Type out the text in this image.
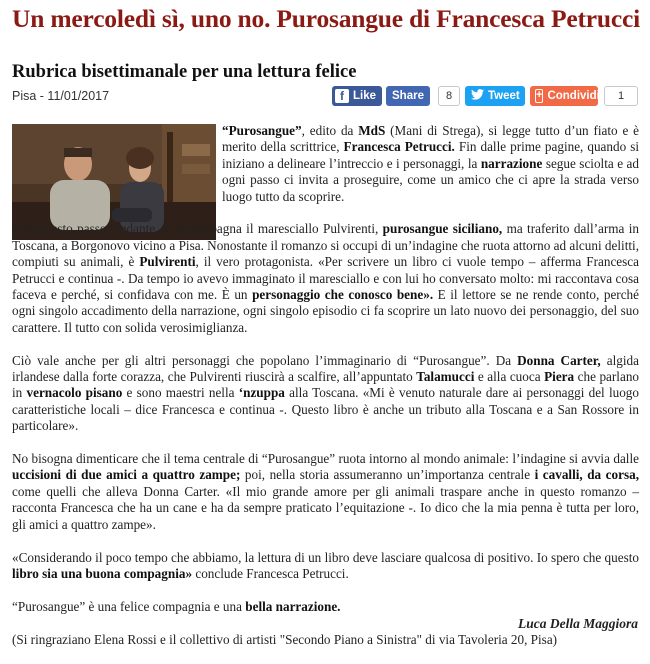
Un mercoledì sì, uno no. Purosangue di Francesca Petrucci
Rubrica bisettimanale per una lettura felice
Pisa - 11/01/2017	f Like Share	8	Tweet + Condividi	1

“Purosangue”, edito da MdS (Mani di Strega), si legge tutto d’un fiato e è merito della scrittrice, Francesca Petrucci. Fin dalle prime pagine, quando si iniziano a delineare l’intreccio e i personaggi, la narrazione segue sciolta e ad ogni passo ci invita a proseguire, come un amico che ci apre la strada verso luogo tutto da scoprire.

Con questo passo, andante, si accompagna il maresciallo Pulvirenti, purosangue siciliano, ma traferito dall’arma in Toscana, a Borgonovo vicino a Pisa. Nonostante il romanzo si occupi di un’indagine che ruota attorno ad alcuni delitti, compiuti su animali, è Pulvirenti, il vero protagonista. «Per scrivere un libro ci vuole tempo – afferma Francesca Petrucci e continua -. Da tempo io avevo immaginato il maresciallo e con lui ho conversato molto: mi raccontava cosa faceva e perché, si confidava con me. È un personaggio che conosco bene». E il lettore se ne rende conto, perché ogni singolo accadimento della narrazione, ogni singolo episodio ci fa scoprire un lato nuovo dei personaggio, del suo carattere. Il tutto con solida verosimiglianza.

Ciò vale anche per gli altri personaggi che popolano l’immaginario di “Purosangue”. Da Donna Carter, algida irlandese dalla forte corazza, che Pulvirenti riuscirà a scalfire, all’appuntato Talamucci e alla cuoca Piera che parlano in vernacolo pisano e sono maestri nella ‘nzuppa alla Toscana. «Mi è venuto naturale dare ai personaggi del luogo caratteristiche locali – dice Francesca e continua -. Questo libro è anche un tributo alla Toscana e a San Rossore in particolare».

No bisogna dimenticare che il tema centrale di “Purosangue” ruota intorno al mondo animale: l’indagine si avvia dalle uccisioni di due amici a quattro zampe; poi, nella storia assumeranno un’importanza centrale i cavalli, da corsa, come quelli che alleva Donna Carter. «Il mio grande amore per gli animali traspare anche in questo romanzo – racconta Francesca che ha un cane e ha da sempre praticato l’equitazione -. Io dico che la mia penna è tutta per loro, gli amici a quattro zampe».

«Considerando il poco tempo che abbiamo, la lettura di un libro deve lasciare qualcosa di positivo. Io spero che questo libro sia una buona compagnia» conclude Francesca Petrucci.

“Purosangue” è una felice compagnia e una bella narrazione.

(Si ringraziano Elena Rossi e il collettivo di artisti "Secondo Piano a Sinistra" di via Tavoleria 20, Pisa)

Luca Della Maggiora
